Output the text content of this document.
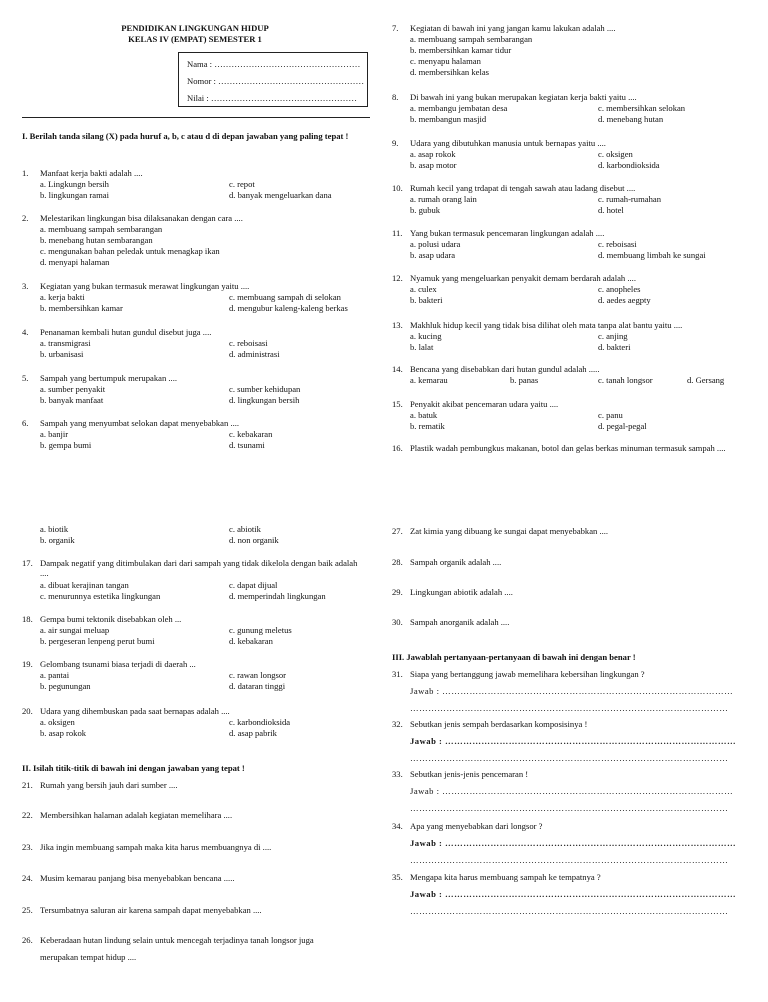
PENDIDIKAN LINGKUNGAN HIDUP
KELAS IV (EMPAT) SEMESTER 1
Nama : ……………………………………………
Nomor : ……………………………………………
Nilai : ……………………………………………
I. Berilah tanda silang (X) pada huruf a, b, c atau d di depan jawaban yang paling tepat !
1. Manfaat kerja bakti adalah ....
a. Lingkungn bersih
b. lingkungan ramai
c. repot
d. banyak mengeluarkan dana
2. Melestarikan lingkungan bisa dilaksanakan dengan cara ....
a. membuang sampah sembarangan
b. menebang hutan sembarangan
c. mengunakan bahan peledak untuk menagkap ikan
d. menyapi halaman
3. Kegiatan yang bukan termasuk merawat lingkungan yaitu ....
a. kerja bakti
b. membersihkan kamar
c. membuang sampah di selokan
d. mengubur kaleng-kaleng berkas
4. Penanaman kembali hutan gundul disebut juga ....
a. transmigrasi
b. urbanisasi
c. reboisasi
d. administrasi
5. Sampah yang bertumpuk merupakan ....
a. sumber penyakit
b. banyak manfaat
c. sumber kehidupan
d. lingkungan bersih
6. Sampah yang menyumbat selokan dapat menyebabkan ....
a. banjir
b. gempa bumi
c. kebakaran
d. tsunami
7. Kegiatan di bawah ini yang jangan kamu lakukan adalah ....
a. membuang sampah sembarangan
b. membersihkan kamar tidur
c. menyapu halaman
d. membersihkan kelas
8. Di bawah ini yang bukan merupakan kegiatan kerja bakti yaitu ....
a. membangu jembatan desa
b. membangun masjid
c. membersihkan selokan
d. menebang hutan
9. Udara yang dibutuhkan manusia untuk bernapas yaitu ....
a. asap rokok
b. asap motor
c. oksigen
d. karbondioksida
10. Rumah kecil yang trdapat di tengah sawah atau ladang disebut ....
a. rumah orang lain
b. gubuk
c. rumah-rumahan
d. hotel
11. Yang bukan termasuk pencemaran lingkungan adalah ....
a. polusi udara
b. asap udara
c. reboisasi
d. membuang limbah ke sungai
12. Nyamuk yang mengeluarkan penyakit demam berdarah adalah ....
a. culex
b. bakteri
c. anopheles
d. aedes aegpty
13. Makhluk hidup kecil yang tidak bisa dilihat oleh mata tanpa alat bantu yaitu ....
a. kucing
b. lalat
c. anjing
d. bakteri
14. Bencana yang disebabkan dari hutan gundul adalah .....
a. kemarau	b. panas	c. tanah longsor	d. Gersang
15. Penyakit akibat pencemaran udara yaitu ....
a. batuk
b. rematik
c. panu
d. pegal-pegal
16. Plastik wadah pembungkus makanan, botol dan gelas berkas minuman termasuk sampah ....
a. biotik
b. organik
c. abiotik
d. non organik
17. Dampak negatif yang ditimbulakan dari dari sampah yang tidak dikelola dengan baik adalah ....
a. dibuat kerajinan tangan
c. menurunnya estetika lingkungan
c. dapat dijual
d. memperindah lingkungan
18. Gempa bumi tektonik disebabkan oleh ...
a. air sungai meluap
b. pergeseran lenpeng perut bumi
c. gunung meletus
d. kebakaran
19. Gelombang tsunami biasa terjadi di daerah ...
a. pantai
b. pegunungan
c. rawan longsor
d. dataran tinggi
20. Udara yang dihembuskan pada saat bernapas adalah ....
a. oksigen
b. asap rokok
c. karbondioksida
d. asap pabrik
II. Isilah titik-titik di bawah ini dengan jawaban yang tepat !
21. Rumah yang bersih jauh dari sumber ....
22. Membersihkan halaman adalah kegiatan memelihara ....
23. Jika ingin membuang sampah maka kita harus membuangnya di ....
24. Musim kemarau panjang bisa menyebabkan bencana .....
25. Tersumbatnya saluran air karena sampah dapat menyebabkan ....
26. Keberadaan hutan lindung selain untuk mencegah terjadinya tanah longsor juga
merupakan tempat hidup ....
27. Zat kimia yang dibuang ke sungai dapat menyebabkan ....
28. Sampah organik adalah ....
29. Lingkungan abiotik adalah ....
30. Sampah anorganik adalah ....
III. Jawablah pertanyaan-pertanyaan di bawah ini dengan benar !
31. Siapa yang bertanggung jawab memelihara kebersihan lingkungan ?
Jawab : ……………………………………………………………………………………
……………………………………………………………………………………………
32. Sebutkan jenis sempah berdasarkan komposisinya !
Jawab : ……………………………………………………………………………………
……………………………………………………………………………………………
33. Sebutkan jenis-jenis pencemaran !
Jawab : ……………………………………………………………………………………
……………………………………………………………………………………………
34. Apa yang menyebabkan dari longsor ?
Jawab : ……………………………………………………………………………………
……………………………………………………………………………………………
35. Mengapa kita harus membuang sampah ke tempatnya ?
Jawab : ……………………………………………………………………………………
……………………………………………………………………………………………
